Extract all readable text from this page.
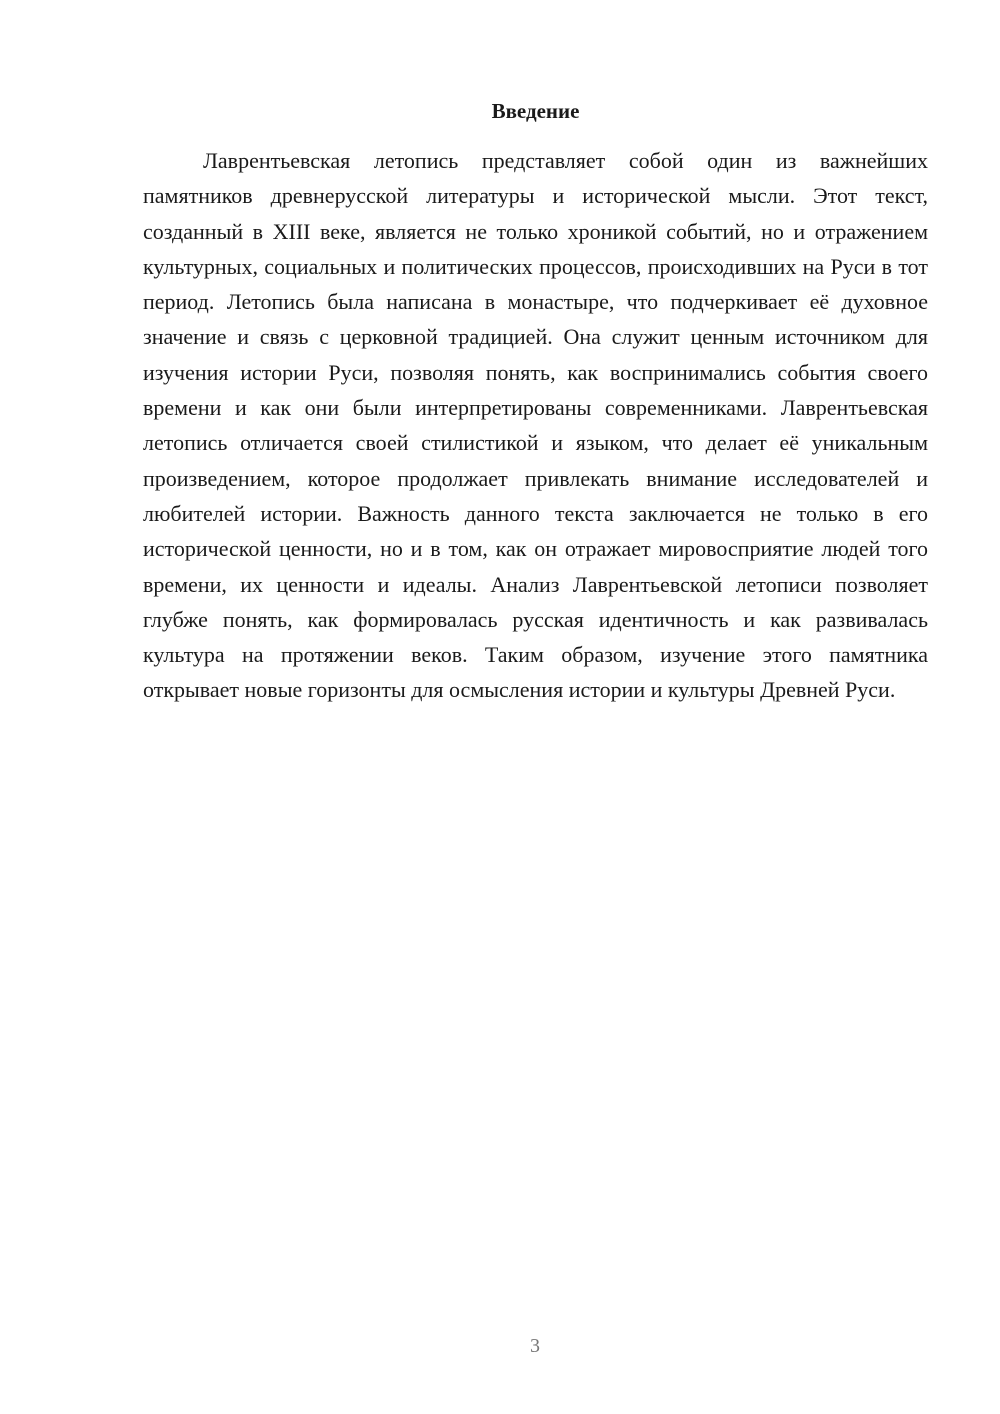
Введение

Лаврентьевская летопись представляет собой один из важнейших памятников древнерусской литературы и исторической мысли. Этот текст, созданный в XIII веке, является не только хроникой событий, но и отражением культурных, социальных и политических процессов, происходивших на Руси в тот период. Летопись была написана в монастыре, что подчеркивает её духовное значение и связь с церковной традицией. Она служит ценным источником для изучения истории Руси, позволяя понять, как воспринимались события своего времени и как они были интерпретированы современниками. Лаврентьевская летопись отличается своей стилистикой и языком, что делает её уникальным произведением, которое продолжает привлекать внимание исследователей и любителей истории. Важность данного текста заключается не только в его исторической ценности, но и в том, как он отражает мировосприятие людей того времени, их ценности и идеалы. Анализ Лаврентьевской летописи позволяет глубже понять, как формировалась русская идентичность и как развивалась культура на протяжении веков. Таким образом, изучение этого памятника открывает новые горизонты для осмысления истории и культуры Древней Руси.

3
